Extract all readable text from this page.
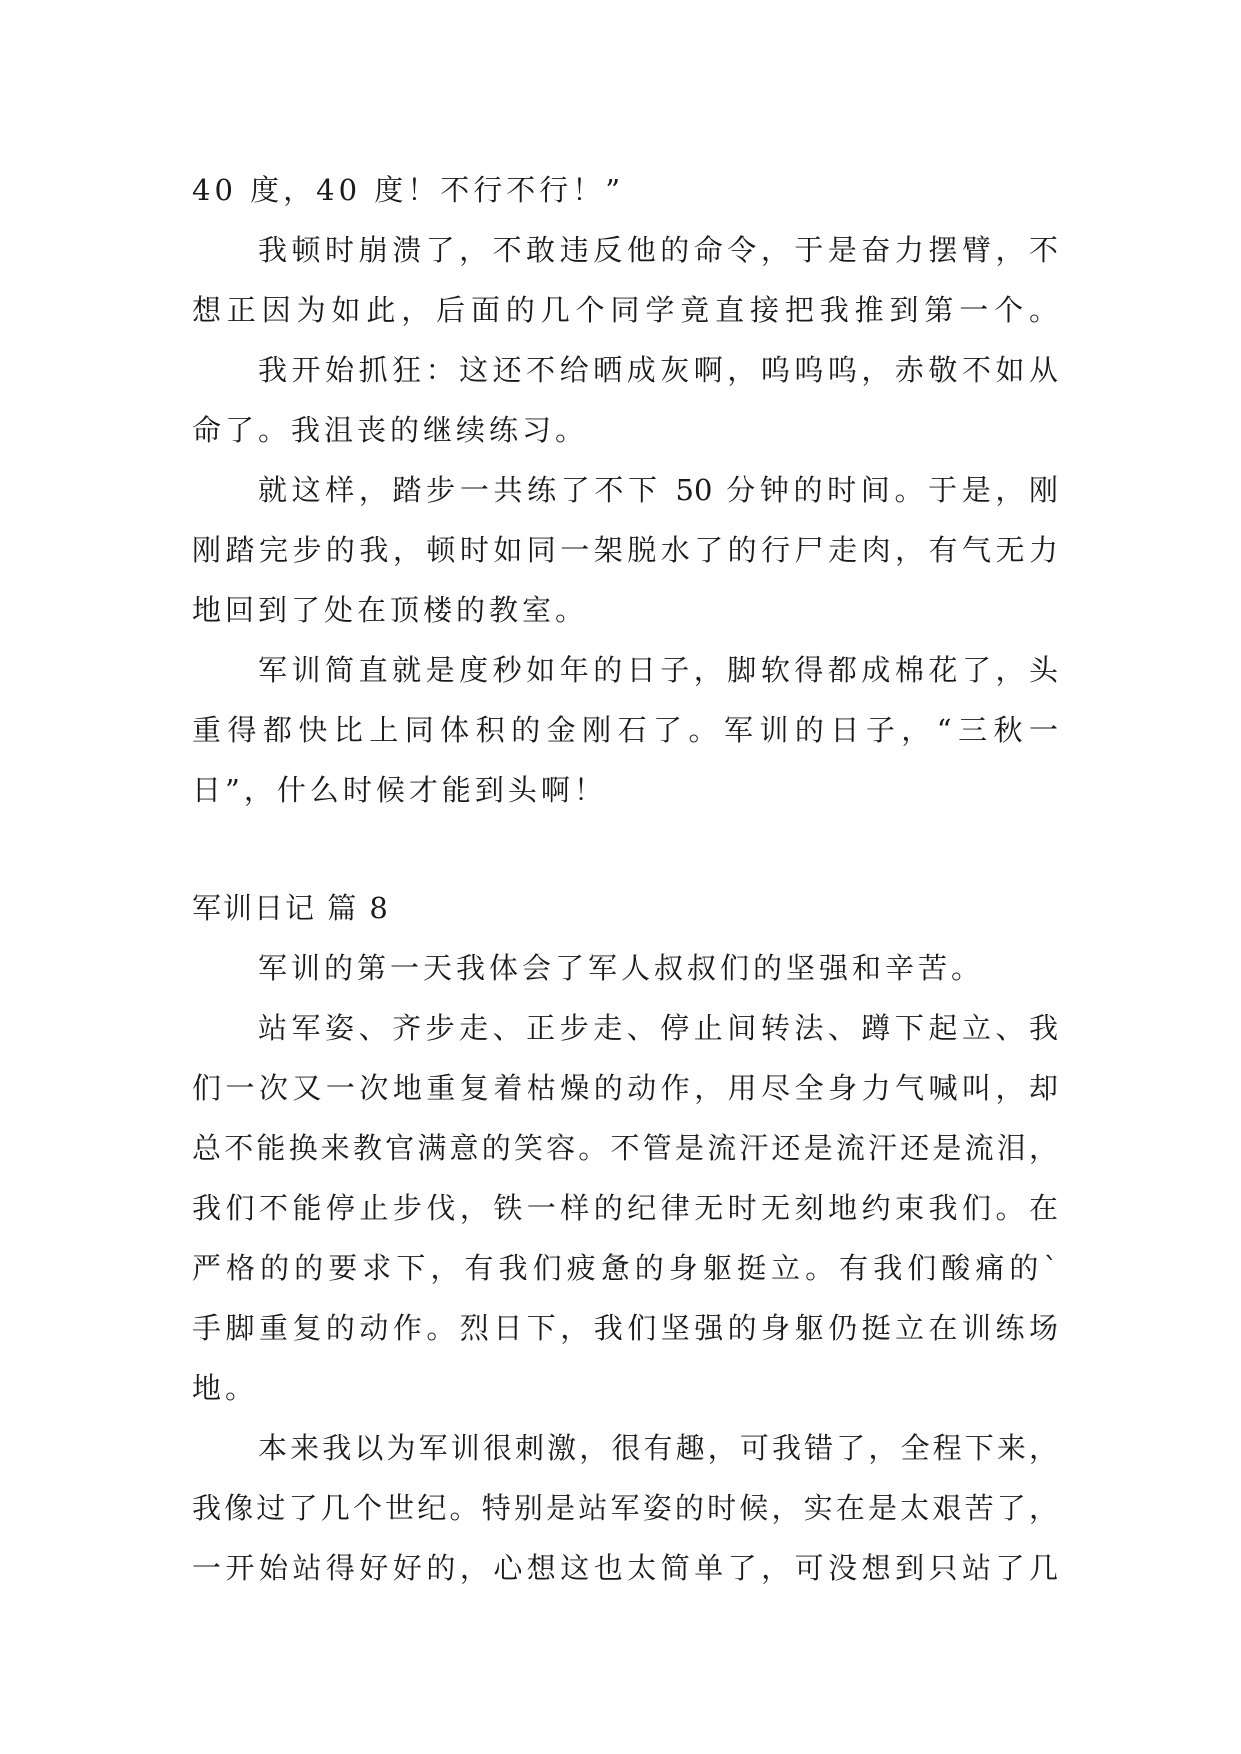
40 度，40 度！不行不行！”
我顿时崩溃了，不敢违反他的命令，于是奋力摆臂，不
想正因为如此，后面的几个同学竟直接把我推到第一个。
我开始抓狂：这还不给晒成灰啊，呜呜呜，赤敬不如从
命了。我沮丧的继续练习。
就这样，踏步一共练了不下 50 分钟的时间。于是，刚
刚踏完步的我，顿时如同一架脱水了的行尸走肉，有气无力
地回到了处在顶楼的教室。
军训简直就是度秒如年的日子，脚软得都成棉花了，头
重得都快比上同体积的金刚石了。军训的日子，“三秋一
日”，什么时候才能到头啊！
军训日记 篇 8
军训的第一天我体会了军人叔叔们的坚强和辛苦。
站军姿、齐步走、正步走、停止间转法、蹲下起立、我
们一次又一次地重复着枯燥的动作，用尽全身力气喊叫，却
总不能换来教官满意的笑容。不管是流汗还是流汗还是流泪，
我们不能停止步伐，铁一样的纪律无时无刻地约束我们。在
严格的的要求下，有我们疲惫的身躯挺立。有我们酸痛的`
手脚重复的动作。烈日下，我们坚强的身躯仍挺立在训练场
地。
本来我以为军训很刺激，很有趣，可我错了，全程下来，
我像过了几个世纪。特别是站军姿的时候，实在是太艰苦了，
一开始站得好好的，心想这也太简单了，可没想到只站了几
